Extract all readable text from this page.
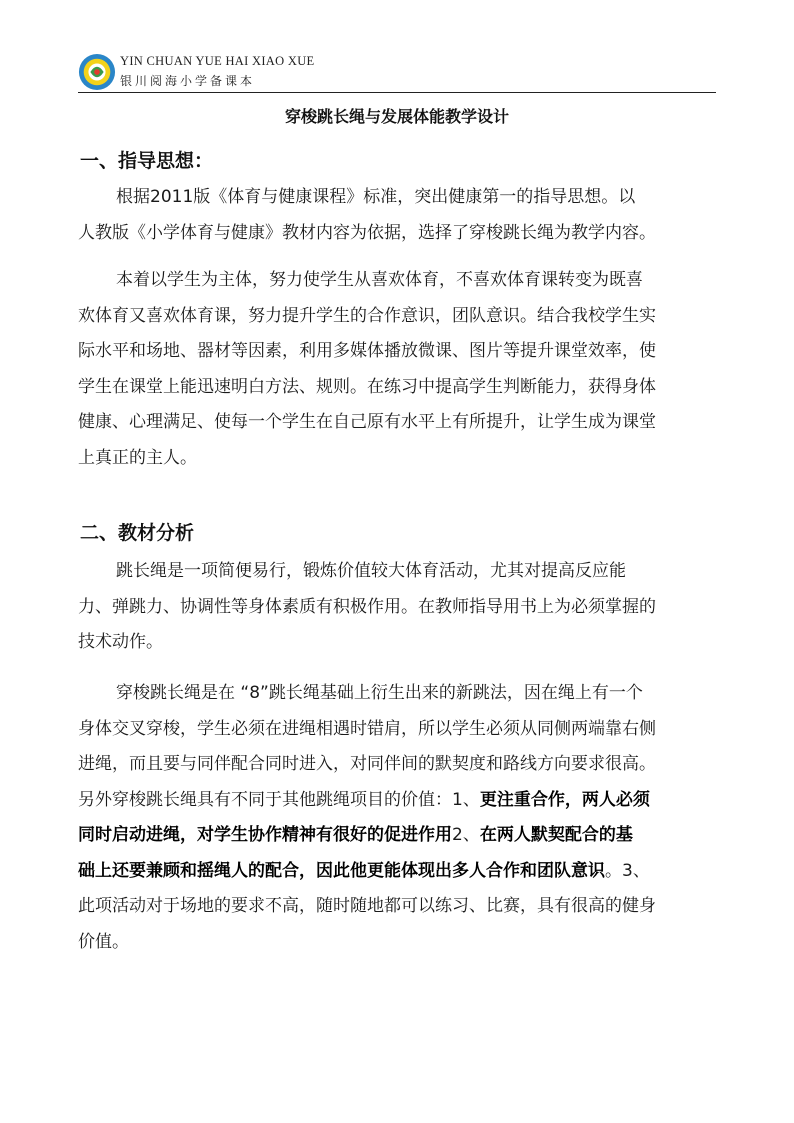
YIN CHUAN YUE HAI XIAO XUE
银川阅海小学备课本
穿梭跳长绳与发展体能教学设计
一、指导思想：
根据2011版《体育与健康课程》标准，突出健康第一的指导思想。以
人教版《小学体育与健康》教材内容为依据，选择了穿梭跳长绳为教学内容。
本着以学生为主体，努力使学生从喜欢体育，不喜欢体育课转变为既喜
欢体育又喜欢体育课，努力提升学生的合作意识，团队意识。结合我校学生实
际水平和场地、器材等因素，利用多媒体播放微课、图片等提升课堂效率，使
学生在课堂上能迅速明白方法、规则。在练习中提高学生判断能力，获得身体
健康、心理满足、使每一个学生在自己原有水平上有所提升，让学生成为课堂
上真正的主人。
二、教材分析
跳长绳是一项简便易行，锻炼价值较大体育活动，尤其对提高反应能
力、弹跳力、协调性等身体素质有积极作用。在教师指导用书上为必须掌握的
技术动作。
穿梭跳长绳是在 “8”跳长绳基础上衍生出来的新跳法，因在绳上有一个
身体交叉穿梭，学生必须在进绳相遇时错肩，所以学生必须从同侧两端靠右侧
进绳，而且要与同伴配合同时进入，对同伴间的默契度和路线方向要求很高。
另外穿梭跳长绳具有不同于其他跳绳项目的价值：1、更注重合作，两人必须
同时启动进绳，对学生协作精神有很好的促进作用2、在两人默契配合的基
础上还要兼顾和摇绳人的配合，因此他更能体现出多人合作和团队意识。3、
此项活动对于场地的要求不高，随时随地都可以练习、比赛，具有很高的健身
价值。
